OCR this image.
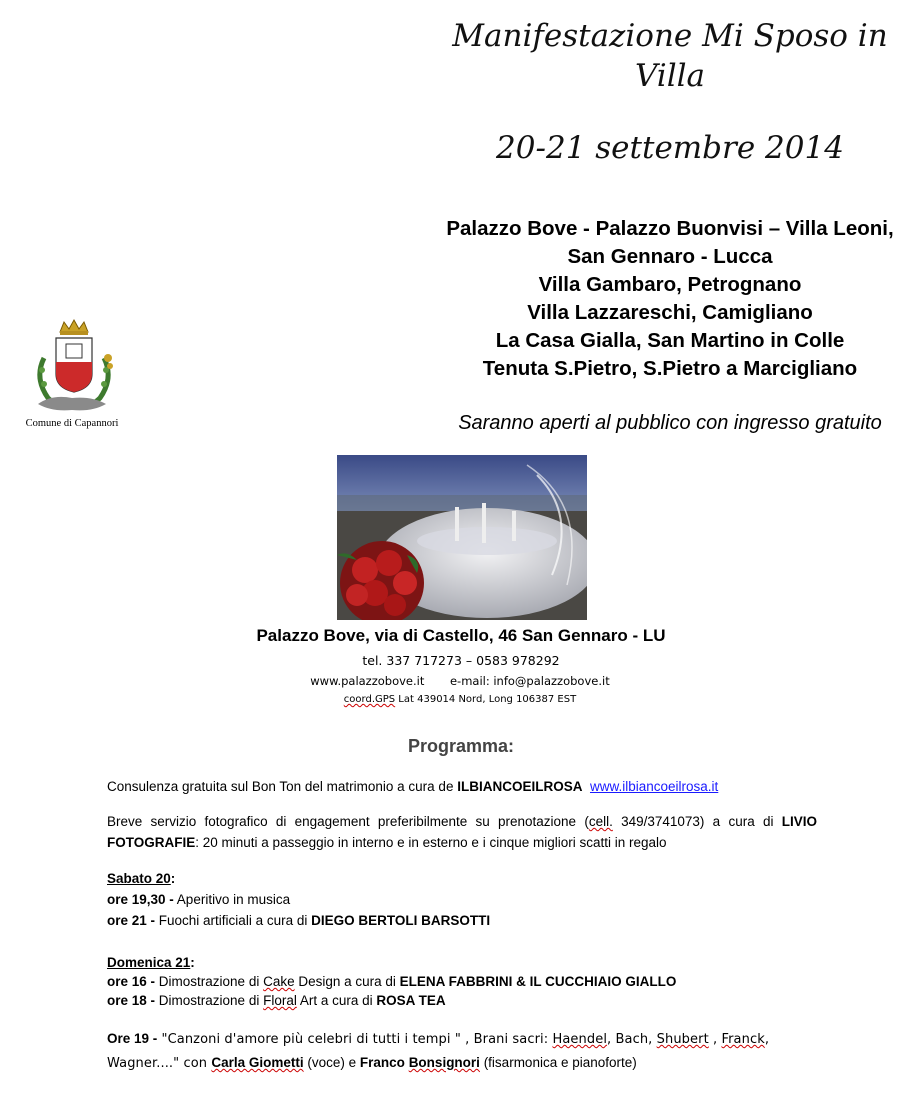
Manifestazione Mi Sposo in
Villa
20-21 settembre 2014
Palazzo Bove - Palazzo Buonvisi – Villa Leoni,
San Gennaro - Lucca
Villa Gambaro, Petrognano
Villa Lazzareschi, Camigliano
La Casa Gialla, San Martino in Colle
Tenuta S.Pietro, S.Pietro a Marcigliano
Saranno aperti al pubblico con ingresso gratuito
Comune di Capannori
Palazzo Bove, via di Castello, 46 San Gennaro - LU
tel. 337 717273 – 0583 978292
www.palazzobove.it e-mail: info@palazzobove.it
coord.GPS Lat 439014 Nord, Long 106387 EST
Programma:
Consulenza gratuita sul Bon Ton del matrimonio a cura de ILBIANCOEILROSA www.ilbiancoeilrosa.it
Breve servizio fotografico di engagement preferibilmente su prenotazione (cell. 349/3741073) a cura di LIVIO FOTOGRAFIE: 20 minuti a passeggio in interno e in esterno e i cinque migliori scatti in regalo
Sabato 20:
ore 19,30 - Aperitivo in musica
ore 21 - Fuochi artificiali a cura di DIEGO BERTOLI BARSOTTI
Domenica 21:
ore 16 - Dimostrazione di Cake Design a cura di ELENA FABBRINI & IL CUCCHIAIO GIALLO
ore 18 - Dimostrazione di Floral Art a cura di ROSA TEA
Ore 19 - "Canzoni d'amore più celebri di tutti i tempi " , Brani sacri: Haendel, Bach, Shubert , Franck, Wagner...." con Carla Giometti (voce) e Franco Bonsignori (fisarmonica e pianoforte)
